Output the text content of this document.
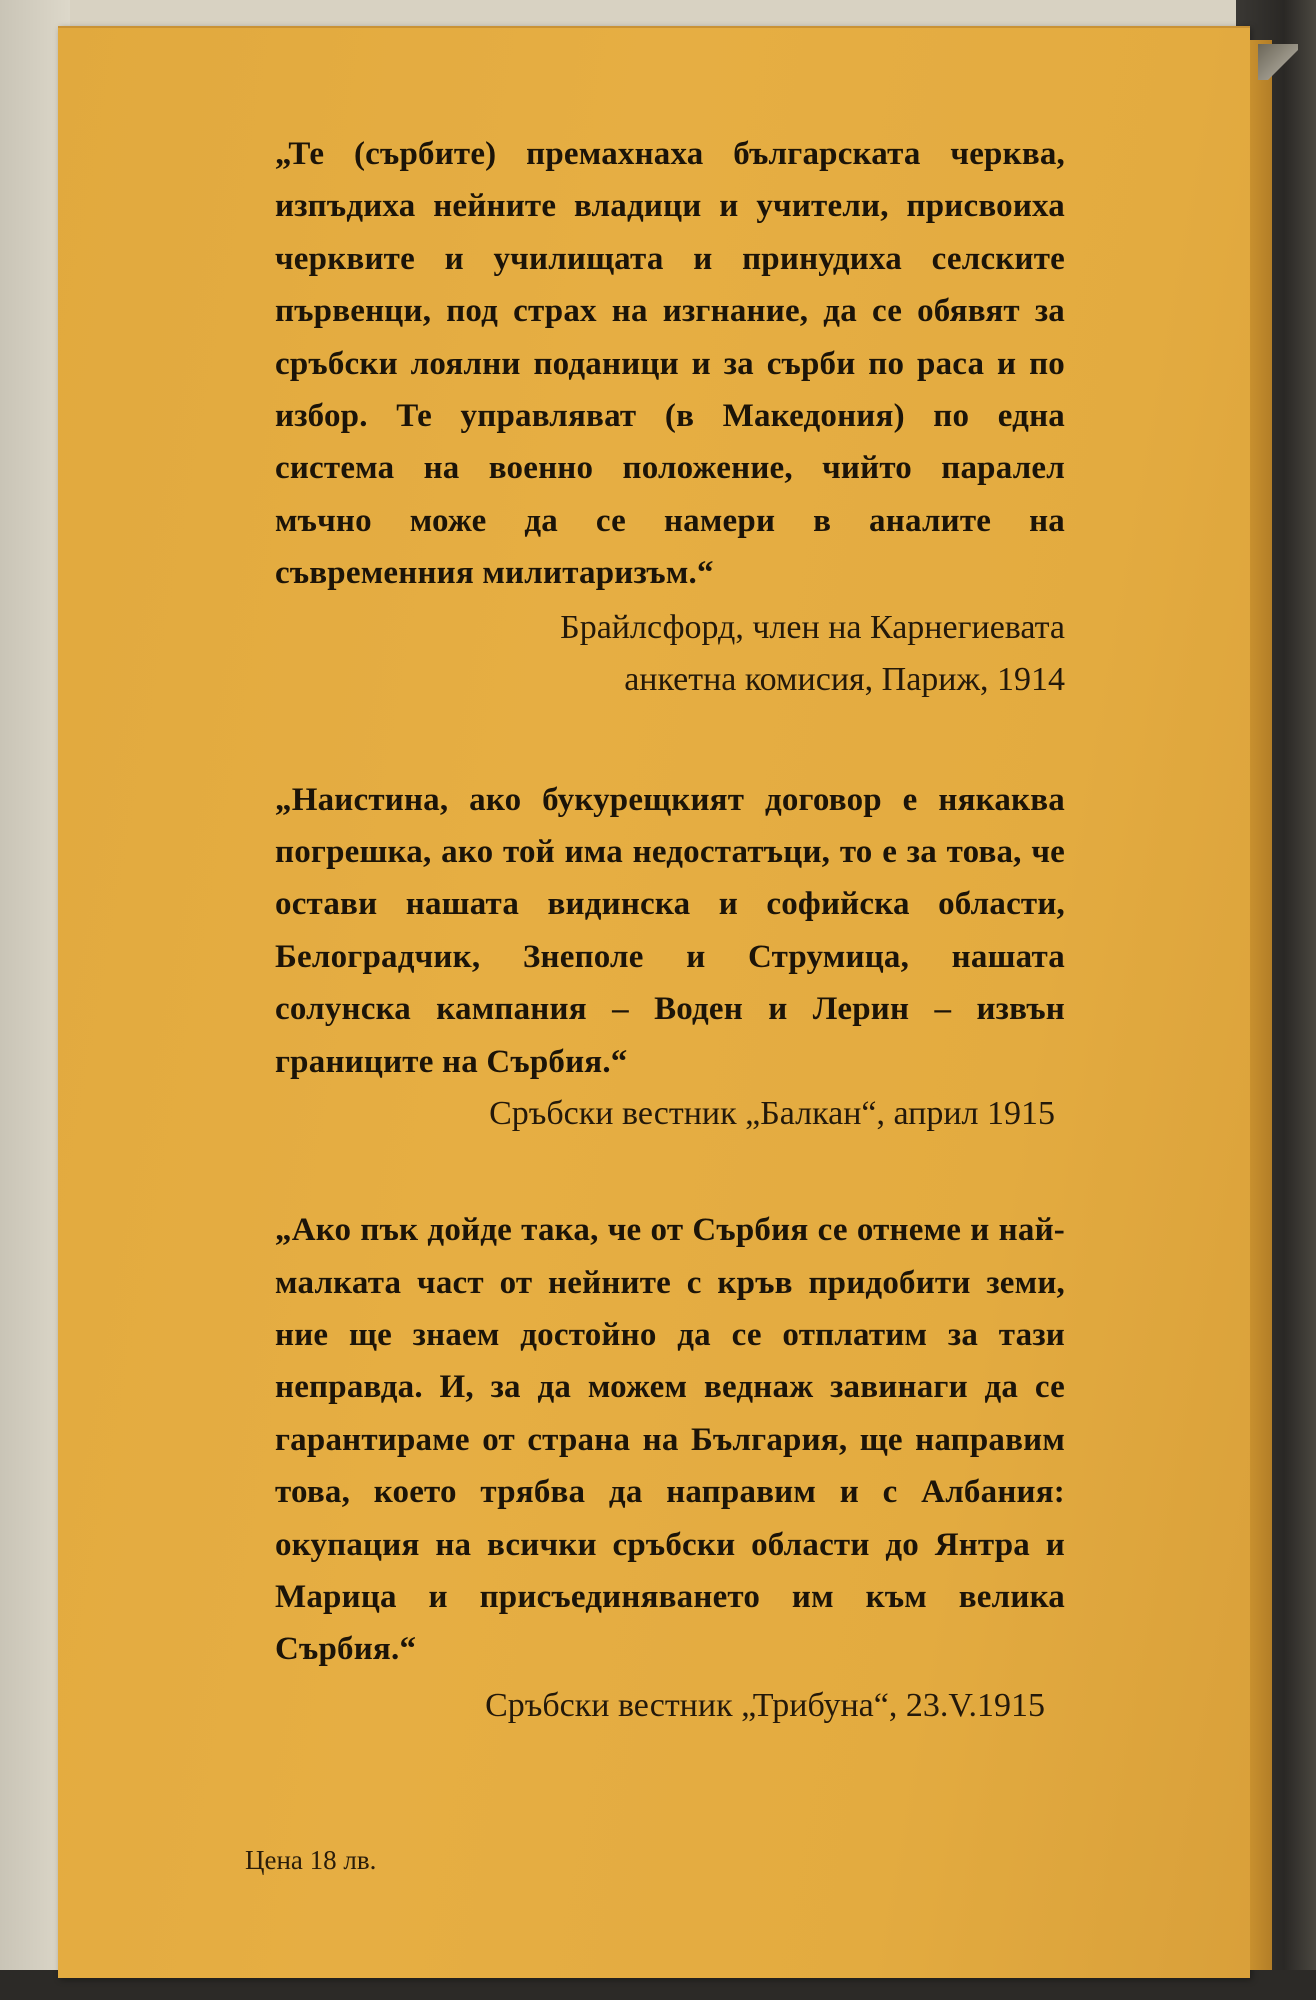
„Те (сърбите) премахнаха българската черква, изпъдиха нейните владици и учители, присвоиха черквите и училищата и принудиха селските първенци, под страх на изгнание, да се обявят за сръбски лоялни поданици и за сърби по раса и по избор. Те управляват (в Македония) по една система на военно положение, чийто паралел мъчно може да се намери в аналите на съвременния милитаризъм.“

Брайлсфорд, член на Карнегиевата

анкетна комисия, Париж, 1914

„Наистина, ако букурещкият договор е някаква погрешка, ако той има недостатъци, то е за това, че остави нашата видинска и софийска области, Белоградчик, Знеполе и Струмица, нашата солунска кампания – Воден и Лерин – извън границите на Сърбия.“

Сръбски вестник „Балкан“, април 1915

„Ако пък дойде така, че от Сърбия се отнеме и най-малката част от нейните с кръв придобити земи, ние ще знаем достойно да се отплатим за тази неправда. И, за да можем веднаж завинаги да се гарантираме от страна на България, ще направим това, което трябва да направим и с Албания: окупация на всички сръбски области до Янтра и Марица и присъединяването им към велика Сърбия.“

Сръбски вестник „Трибуна“, 23.V.1915

Цена 18 лв.
